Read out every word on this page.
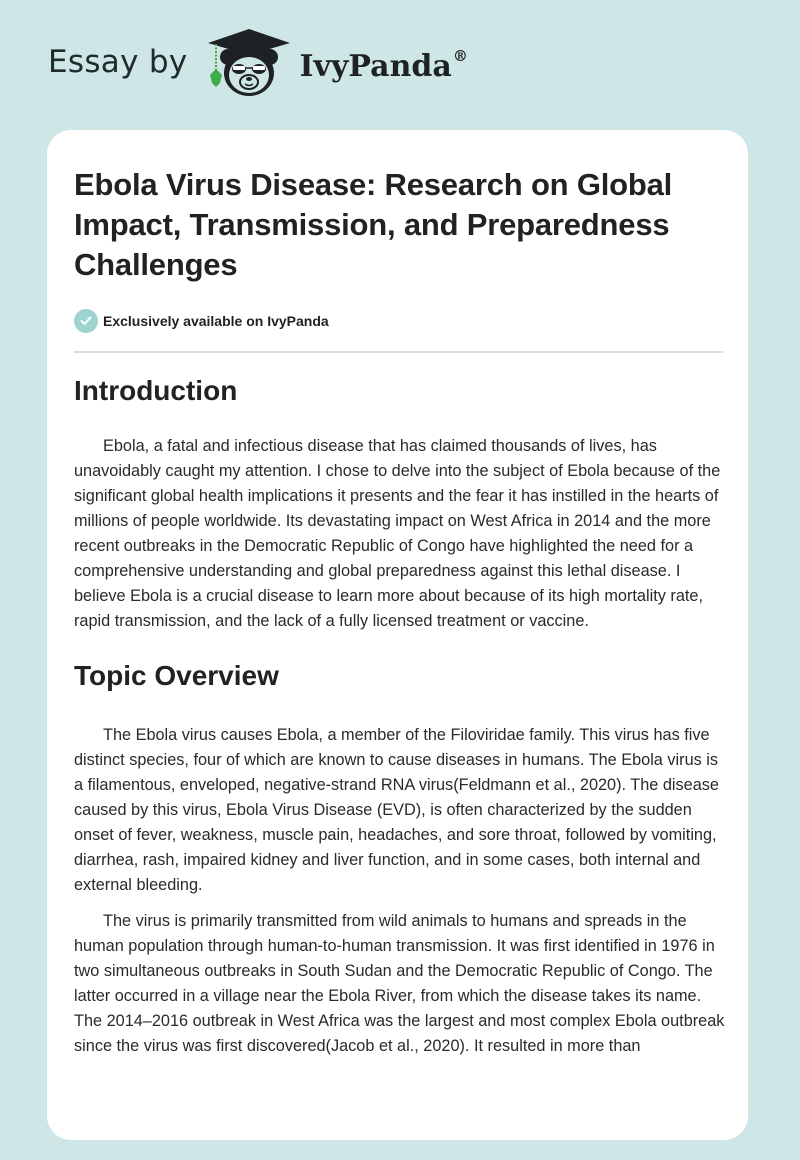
Essay by	IvyPanda®
Ebola Virus Disease: Research on Global Impact, Transmission, and Preparedness Challenges
Exclusively available on IvyPanda
Introduction

Ebola, a fatal and infectious disease that has claimed thousands of lives, has unavoidably caught my attention. I chose to delve into the subject of Ebola because of the significant global health implications it presents and the fear it has instilled in the hearts of millions of people worldwide. Its devastating impact on West Africa in 2014 and the more recent outbreaks in the Democratic Republic of Congo have highlighted the need for a comprehensive understanding and global preparedness against this lethal disease. I believe Ebola is a crucial disease to learn more about because of its high mortality rate, rapid transmission, and the lack of a fully licensed treatment or vaccine.

Topic Overview

The Ebola virus causes Ebola, a member of the Filoviridae family. This virus has five distinct species, four of which are known to cause diseases in humans. The Ebola virus is a filamentous, enveloped, negative-strand RNA virus(Feldmann et al., 2020). The disease caused by this virus, Ebola Virus Disease (EVD), is often characterized by the sudden onset of fever, weakness, muscle pain, headaches, and sore throat, followed by vomiting, diarrhea, rash, impaired kidney and liver function, and in some cases, both internal and external bleeding.

The virus is primarily transmitted from wild animals to humans and spreads in the human population through human-to-human transmission. It was first identified in 1976 in two simultaneous outbreaks in South Sudan and the Democratic Republic of Congo. The latter occurred in a village near the Ebola River, from which the disease takes its name. The 2014–2016 outbreak in West Africa was the largest and most complex Ebola outbreak since the virus was first discovered(Jacob et al., 2020). It resulted in more than
